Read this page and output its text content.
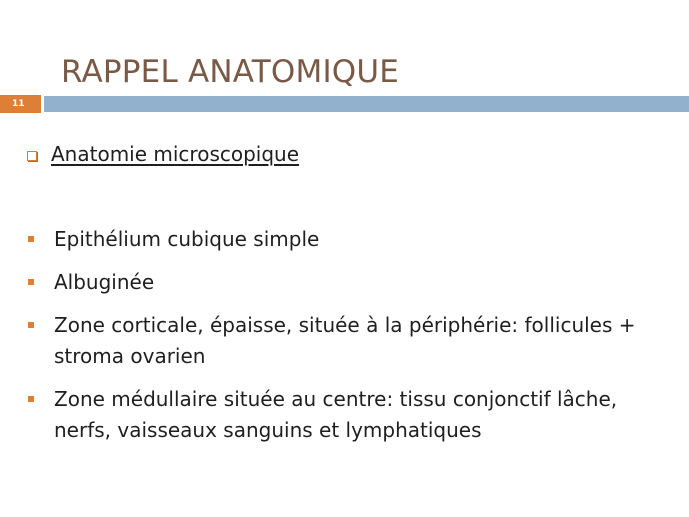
RAPPEL ANATOMIQUE
11
Anatomie microscopique
Epithélium cubique simple
Albuginée
Zone corticale, épaisse, située à la périphérie: follicules + stroma ovarien
Zone médullaire située au centre: tissu conjonctif lâche, nerfs, vaisseaux sanguins et lymphatiques
